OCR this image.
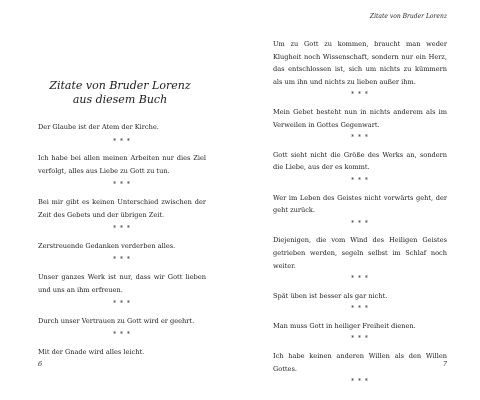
Zitate von Bruder Lorenz
aus diesem Buch

Der Glaube ist der Atem der Kirche.

* * *

Ich habe bei allen meinen Arbeiten nur dies Ziel verfolgt, alles aus Liebe zu Gott zu tun.

* * *

Bei mir gibt es keinen Unterschied zwischen der Zeit des Gebets und der übrigen Zeit.

* * *

Zerstreuende Gedanken verderben alles.

* * *

Unser ganzes Werk ist nur, dass wir Gott lieben und uns an ihm erfreuen.

* * *

Durch unser Vertrauen zu Gott wird er geehrt.

* * *

Mit der Gnade wird alles leicht.

6
Zitate von Bruder Lorenz

Um zu Gott zu kommen, braucht man weder Klugheit noch Wissenschaft, sondern nur ein Herz, das entschlossen ist, sich um nichts zu kümmern als um ihn und nichts zu lieben außer ihm.

* * *

Mein Gebet besteht nun in nichts anderem als im Verweilen in Gottes Gegenwart.

* * *

Gott sieht nicht die Größe des Werks an, sondern die Liebe, aus der es kommt.

* * *

Wer im Leben des Geistes nicht vorwärts geht, der geht zurück.

* * *

Diejenigen, die vom Wind des Heiligen Geistes getrieben werden, segeln selbst im Schlaf noch weiter.

* * *

Spät üben ist besser als gar nicht.

* * *

Man muss Gott in heiliger Freiheit dienen.

* * *

Ich habe keinen anderen Willen als den Willen Gottes.

* * *

7
